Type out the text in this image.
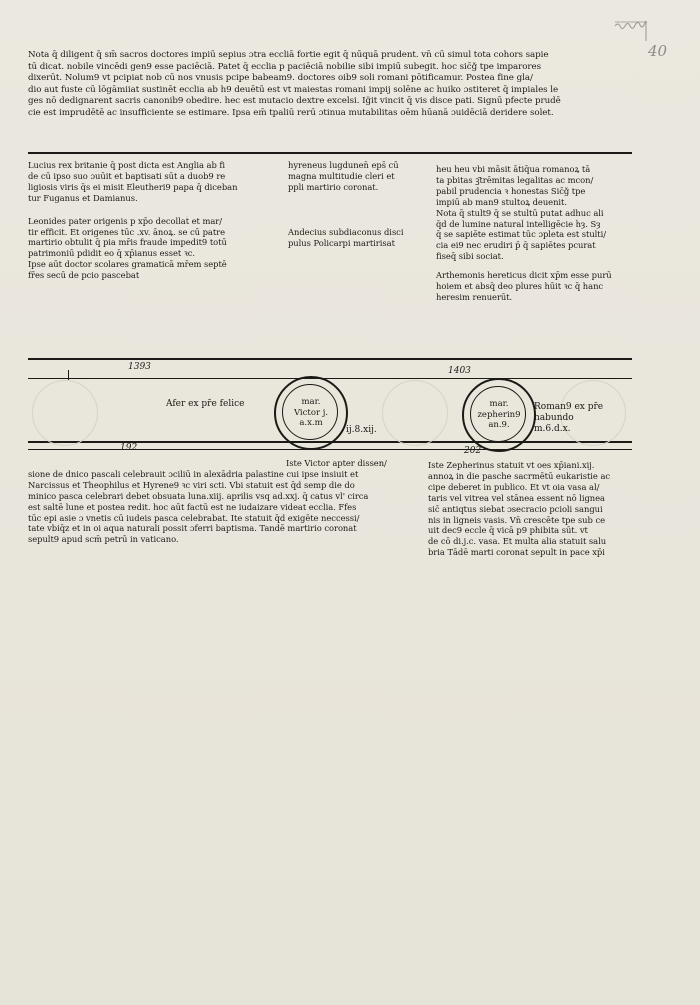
40
Nota q̄ diligent̄ q̄ sm̄ sacros doctores impiū sepius ɔtra eccliā fortie egit q̄ nūquā prudent̄. vn̄ cū simul tota cohors sapie
tū dicat. nobile vincēdi gen9 esse paciēciā. Patet q̄ ecclia p paciēciā nobilie sibi impiū subegit. hoc sic̄ǧ tpe imparores
dixerūt. Nolum9 vt pcipiat nob̄ cū nos vnusis pcipe babeam9. doctores oib9 soli romani pōtificamur. Postea fine gla/
dio aut fuste cū lōgāmiiat̄ sustinēt ecclia ab h9 deuētū est vt maiestas romani impij solēne ac huiko ɔstiteret q̄ impiales le
ges nō dedignarent sacris canonib9 obedire. hec est mutacio dextre excelsi. Ig̈it vincit q̄ vis disce pati. Signū pfecte prudē
cie est imprudētē ac insufficiente se estimare. Ipsa em̄ tpaliū rerū ɔtinua mutabilitas oēm hūanā ɔuidēciā deridere solet.
Lucius rex britanie q̄ post dicta est Anglia ab fi
de cū ipso suo ɔuūit et baptisati sūt a duob9 re
ligiosis viris q̄s ei misit Eleutheri9 papa q̄ diceban
tur Fuganus et Damianus.
Leonides pater origenis p xp̄o decollat̄ et mar/
tir efficit̄. Et origenes tūc .xv. ānoꝝ. se cū patre
martirio obtulit q̄ pia mr̄is fraude impedit9 totū
patrimoniū pdidit eo q̄ xp̄ianus esset ꝛc.
Ipse aūt doctor scolares gramaticā mr̄em septē
fr̄es secū de pcio pascebat
hyreneus lugdunen̄ eps̄ cū
magna multitudie cleri et
ppli martirio coronat̄.
Andecius subdiaconus disci
pulus Policarpi martirisat̄
heu heu vbi māsit āt̄iq̄ua romanoꝝ tā
ta pbitas ꝫ̄trēmitas legalitas ac mcon/
pabil̄ prudencia ꝛ honestas Sic̄ǧ tpe
impiū ab man9 stultoꝝ deuenit.
Nota q̄ stult9 q̄ se stultū putat adhuc ali
q̄d de lumine natural̄ intelligēcie h̄ȝ. Sȝ
q̄ se sapiēte estimat tūc ɔpleta est stulti/
cia ei9 nec erudiri p̄ q̄ sapiētes pcurat
fiseq̄ sibi sociat.
Arthemonis hereticus dicit xp̄m esse purū
hoiem et absq̄ deo plures hūit ꝛc q̄ hanc
heresim renuerūt.
1393	1403
192	202
Afer ex pr̄e felice	mar.
Victor j.
a.x.m
ij.8.xij.
mar.
zepherin9
an.9.
Roman9 ex pr̄e
habundo
m.6.d.x.
Iste Victor apter dissen/
sione de dnico pascali celebrauit ɔciliū in alexādria palastine cui ipse insiuit et
Narcissus et Theophilus et Hyrene9 ꝛc viri scti. Vbi statuit est q̄d semp die do
minico pasca celebrari debet obsuata luna.xiij. aprilis vsq ad.xxj. q̄ catus vl' circa
est saltē lune et postea redit. hoc aūt factū est ne iudaizare videat ecclia. Ffes
tūc epi asie ɔ vnetis cū iudeis pasca celebrabat. Ite statuit q̄d exigēte neccessi/
tate vbiq̄z et in oi aqua naturali possit ɔferri baptisma. Tandē martirio coronat̄
sepult9 apud scm̄ petrū in vaticano.
Iste Zepherinus statuit vt oes xp̄iani.xij.
annoꝝ in die pasche sacrmētū eukaristie ac
cipe deberet in publico. Et vt oia vasa al/
taris vel vitrea vel stānea essent nō lignea
sic̄ antiqtus siebat ɔsecracio pcioli sangui
nis in ligneis vasis. Vn̄ crescēte tpe sub ce
uit dec9 eccle q̄ vicā p9 phibita sūt. vt
de cō di.j.c. vasa. Et multa alia statuit salu
bria Tādē marti coronat̄ sepult in pace xp̄i
